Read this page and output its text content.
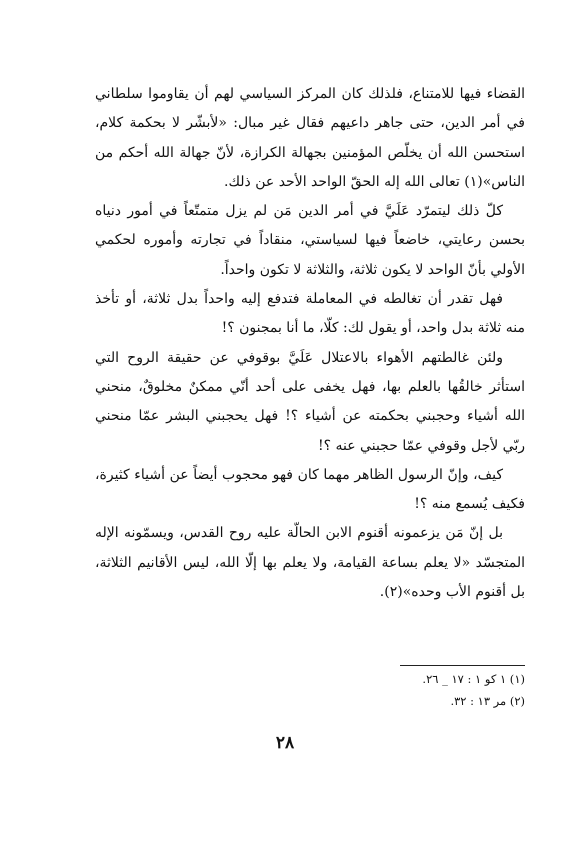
القضاء فيها للامتناع، فلذلك كان المركز السياسي لهم أن يقاوموا سلطاني في أمر الدين، حتى جاهر داعيهم فقال غير مبال: «لأبشّر لا بحكمة كلام، استحسن الله أن يخلّص المؤمنين بجهالة الكرازة، لأنّ جهالة الله أحكم من الناس»(١) تعالى الله إله الحقّ الواحد الأحد عن ذلك.

كلّ ذلك ليتمرّد عَلَيَّ في أمر الدين مَن لم يزل متمتّعاً في أمور دنياه بحسن رعايتي، خاضعاً فيها لسياستي، منقاداً في تجارته وأموره لحكمي الأولي بأنّ الواحد لا يكون ثلاثة، والثلاثة لا تكون واحداً.

فهل تقدر أن تغالطه في المعاملة فتدفع إليه واحداً بدل ثلاثة، أو تأخذ منه ثلاثة بدل واحد، أو يقول لك: كلّا، ما أنا بمجنون ؟!

ولئن غالطتهم الأهواء بالاعتلال عَلَيَّ بوقوفي عن حقيقة الروح التي استأثر خالقُها بالعلم بها، فهل يخفى على أحد أنّي ممكنٌ مخلوقٌ، منحني الله أشياء وحجبني بحكمته عن أشياء ؟! فهل يحجبني البشر عمّا منحني ربّي لأجل وقوفي عمّا حجبني عنه ؟!

كيف، وإنّ الرسول الظاهر مهما كان فهو محجوب أيضاً عن أشياء كثيرة، فكيف يُسمع منه ؟!

بل إنّ مَن يزعمونه أقنوم الابن الحالّة عليه روح القدس، ويسمّونه الإله المتجسّد «لا يعلم بساعة القيامة، ولا يعلم بها إلّا الله، ليس الأقانيم الثلاثة، بل أقنوم الأب وحده»(٢).

(١) ١ كو ١ : ١٧ _ ٢٦.

(٢) مر ١٣ : ٣٢.

٢٨
